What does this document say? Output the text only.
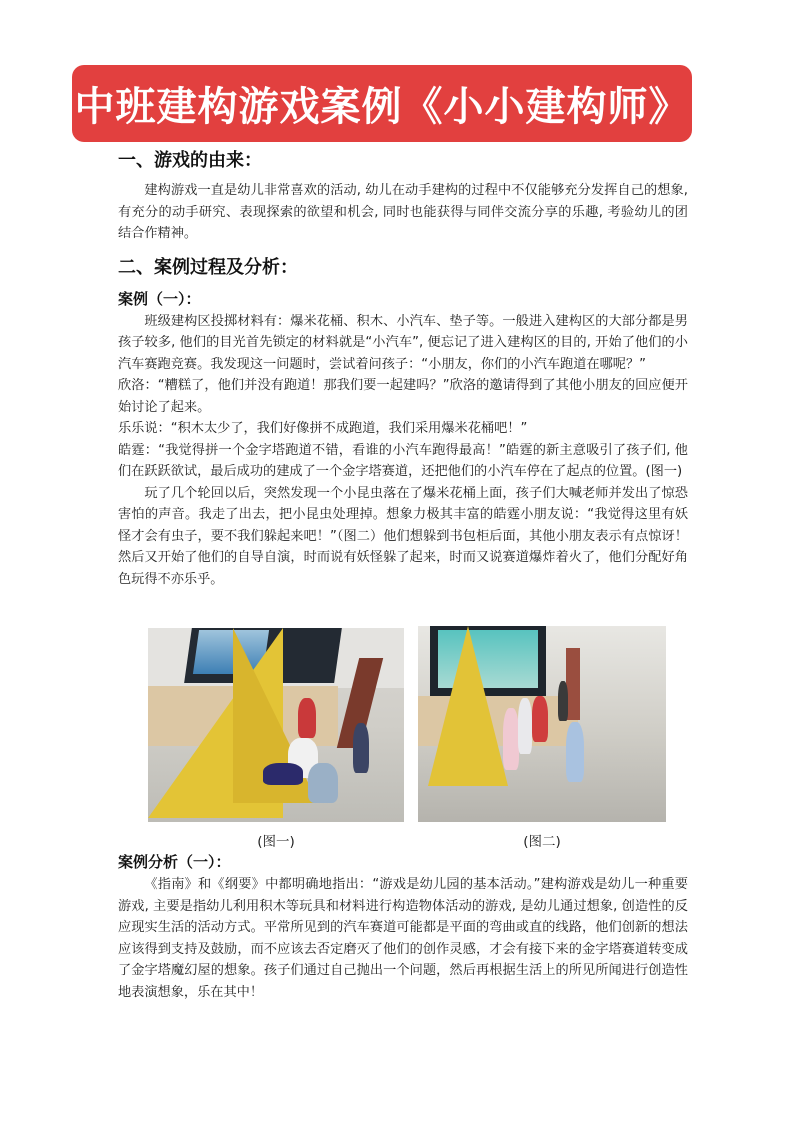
中班建构游戏案例《小小建构师》
一、游戏的由来：

建构游戏一直是幼儿非常喜欢的活动, 幼儿在动手建构的过程中不仅能够充分发挥自己的想象, 有充分的动手研究、表现探索的欲望和机会, 同时也能获得与同伴交流分享的乐趣, 考验幼儿的团结合作精神。

二、案例过程及分析：
案例（一）：

班级建构区投掷材料有：爆米花桶、积木、小汽车、垫子等。一般进入建构区的大部分都是男孩子较多, 他们的目光首先锁定的材料就是“小汽车”, 便忘记了进入建构区的目的, 开始了他们的小汽车赛跑竞赛。我发现这一问题时，尝试着问孩子：“小朋友，你们的小汽车跑道在哪呢？”

欣洛：“糟糕了，他们并没有跑道！那我们要一起建吗？”欣洛的邀请得到了其他小朋友的回应便开始讨论了起来。

乐乐说：“积木太少了，我们好像拼不成跑道，我们采用爆米花桶吧！”

皓霆：“我觉得拼一个金字塔跑道不错，看谁的小汽车跑得最高！”皓霆的新主意吸引了孩子们, 他们在跃跃欲试，最后成功的建成了一个金字塔赛道，还把他们的小汽车停在了起点的位置。(图一)

玩了几个轮回以后，突然发现一个小昆虫落在了爆米花桶上面，孩子们大喊老师并发出了惊恐害怕的声音。我走了出去，把小昆虫处理掉。想象力极其丰富的皓霆小朋友说：“我觉得这里有妖怪才会有虫子，要不我们躲起来吧！”（图二）他们想躲到书包柜后面，其他小朋友表示有点惊讶！然后又开始了他们的自导自演，时而说有妖怪躲了起来，时而又说赛道爆炸着火了，他们分配好角色玩得不亦乐乎。

(图一)	(图二)
案例分析（一）：

《指南》和《纲要》中都明确地指出：“游戏是幼儿园的基本活动。”建构游戏是幼儿一种重要游戏, 主要是指幼儿利用积木等玩具和材料进行构造物体活动的游戏, 是幼儿通过想象, 创造性的反应现实生活的活动方式。平常所见到的汽车赛道可能都是平面的弯曲或直的线路，他们创新的想法应该得到支持及鼓励，而不应该去否定磨灭了他们的创作灵感，才会有接下来的金字塔赛道转变成了金字塔魔幻屋的想象。孩子们通过自己抛出一个问题，然后再根据生活上的所见所闻进行创造性地表演想象，乐在其中！
